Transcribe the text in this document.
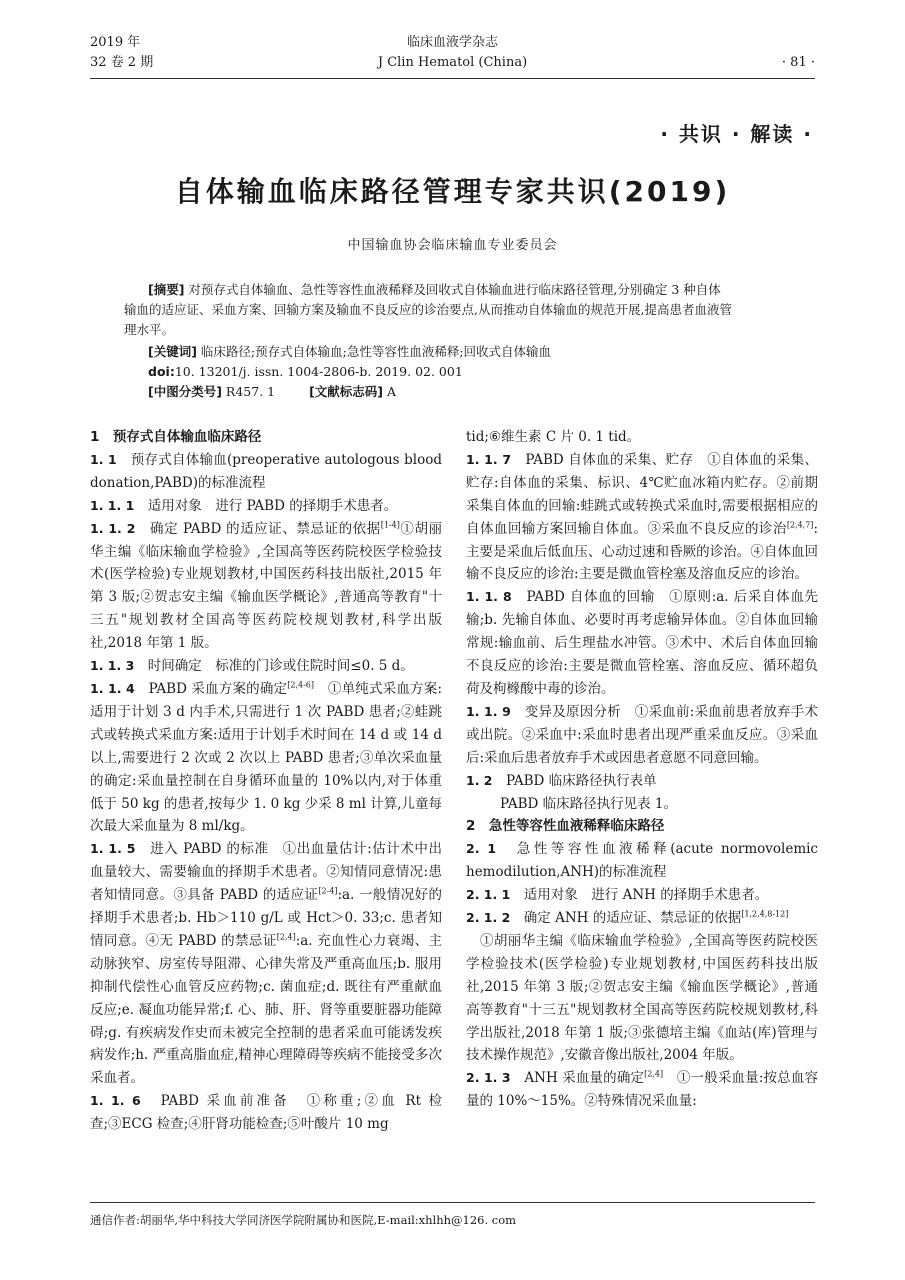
2019 年
32 卷 2 期
临床血液学杂志
J Clin Hematol (China)	· 81 ·
· 共识 · 解读 ·
自体输血临床路径管理专家共识(2019)
中国输血协会临床输血专业委员会
[摘要] 对预存式自体输血、急性等容性血液稀释及回收式自体输血进行临床路径管理,分别确定 3 种自体
输血的适应证、采血方案、回输方案及输血不良反应的诊治要点,从而推动自体输血的规范开展,提高患者血液管
理水平。
[关键词] 临床路径;预存式自体输血;急性等容性血液稀释;回收式自体输血
doi:10. 13201/j. issn. 1004-2806-b. 2019. 02. 001
[中图分类号] R457. 1	[文献标志码] A

1　 预存式自体输血临床路径

1. 1　 预存式自体输血(preoperative autologous blood donation,PABD)的标准流程

1. 1. 1　 适用对象　进行 PABD 的择期手术患者。

1. 1. 2　 确定 PABD 的适应证、禁忌证的依据[1-4]①胡丽华主编《临床输血学检验》,全国高等医药院校医学检验技术(医学检验)专业规划教材,中国医药科技出版社,2015 年第 3 版;②贺志安主编《输血医学概论》,普通高等教育"十三五"规划教材全国高等医药院校规划教材,科学出版社,2018 年第 1 版。

1. 1. 3　 时间确定　标准的门诊或住院时间≤0. 5 d。

1. 1. 4　 PABD 采血方案的确定[2,4-6]　①单纯式采血方案:适用于计划 3 d 内手术,只需进行 1 次 PABD 患者;②蛙跳式或转换式采血方案:适用于计划手术时间在 14 d 或 14 d 以上,需要进行 2 次或 2 次以上 PABD 患者;③单次采血量的确定:采血量控制在自身循环血量的 10%以内,对于体重低于 50 kg 的患者,按每少 1. 0 kg 少采 8 ml 计算,儿童每次最大采血量为 8 ml/kg。

1. 1. 5　 进入 PABD 的标准　①出血量估计:估计术中出血量较大、需要输血的择期手术患者。②知情同意情况:患者知情同意。③具备 PABD 的适应证[2-4]:a. 一般情况好的择期手术患者;b. Hb＞110 g/L 或 Hct＞0. 33;c. 患者知情同意。④无 PABD 的禁忌证[2,4]:a. 充血性心力衰竭、主动脉狭窄、房室传导阻滞、心律失常及严重高血压;b. 服用抑制代偿性心血管反应药物;c. 菌血症;d. 既往有严重献血反应;e. 凝血功能异常;f. 心、肺、肝、肾等重要脏器功能障碍;g. 有疾病发作史而未被完全控制的患者采血可能诱发疾病发作;h. 严重高脂血症,精神心理障碍等疾病不能接受多次采血者。

1. 1. 6　 PABD 采血前准备　①称重;②血 Rt 检查;③ECG 检查;④肝肾功能检查;⑤叶酸片 10 mg

tid;⑥维生素 C 片 0. 1 tid。

1. 1. 7　 PABD 自体血的采集、贮存　①自体血的采集、贮存:自体血的采集、标识、4℃贮血冰箱内贮存。②前期采集自体血的回输:蛙跳式或转换式采血时,需要根据相应的自体血回输方案回输自体血。③采血不良反应的诊治[2,4,7]:主要是采血后低血压、心动过速和昏厥的诊治。④自体血回输不良反应的诊治:主要是微血管栓塞及溶血反应的诊治。

1. 1. 8　 PABD 自体血的回输　①原则:a. 后采自体血先输;b. 先输自体血、必要时再考虑输异体血。②自体血回输常规:输血前、后生理盐水冲管。③术中、术后自体血回输不良反应的诊治:主要是微血管栓塞、溶血反应、循环超负荷及枸橼酸中毒的诊治。

1. 1. 9　 变异及原因分析　①采血前:采血前患者放弃手术或出院。②采血中:采血时患者出现严重采血反应。③采血后:采血后患者放弃手术或因患者意愿不同意回输。

1. 2　 PABD 临床路径执行表单

PABD 临床路径执行见表 1。

2　 急性等容性血液稀释临床路径

2. 1　 急性等容性血液稀释(acute normovolemic hemodilution,ANH)的标准流程

2. 1. 1　 适用对象　进行 ANH 的择期手术患者。

2. 1. 2　 确定 ANH 的适应证、禁忌证的依据[1,2,4,8-12]

①胡丽华主编《临床输血学检验》,全国高等医药院校医学检验技术(医学检验)专业规划教材,中国医药科技出版社,2015 年第 3 版;②贺志安主编《输血医学概论》,普通高等教育"十三五"规划教材全国高等医药院校规划教材,科学出版社,2018 年第 1 版;③张德培主编《血站(库)管理与技术操作规范》,安徽音像出版社,2004 年版。

2. 1. 3　 ANH 采血量的确定[2,4]　①一般采血量:按总血容量的 10%～15%。②特殊情况采血量:

通信作者:胡丽华,华中科技大学同济医学院附属协和医院,E-mail:xhlhh@126. com
